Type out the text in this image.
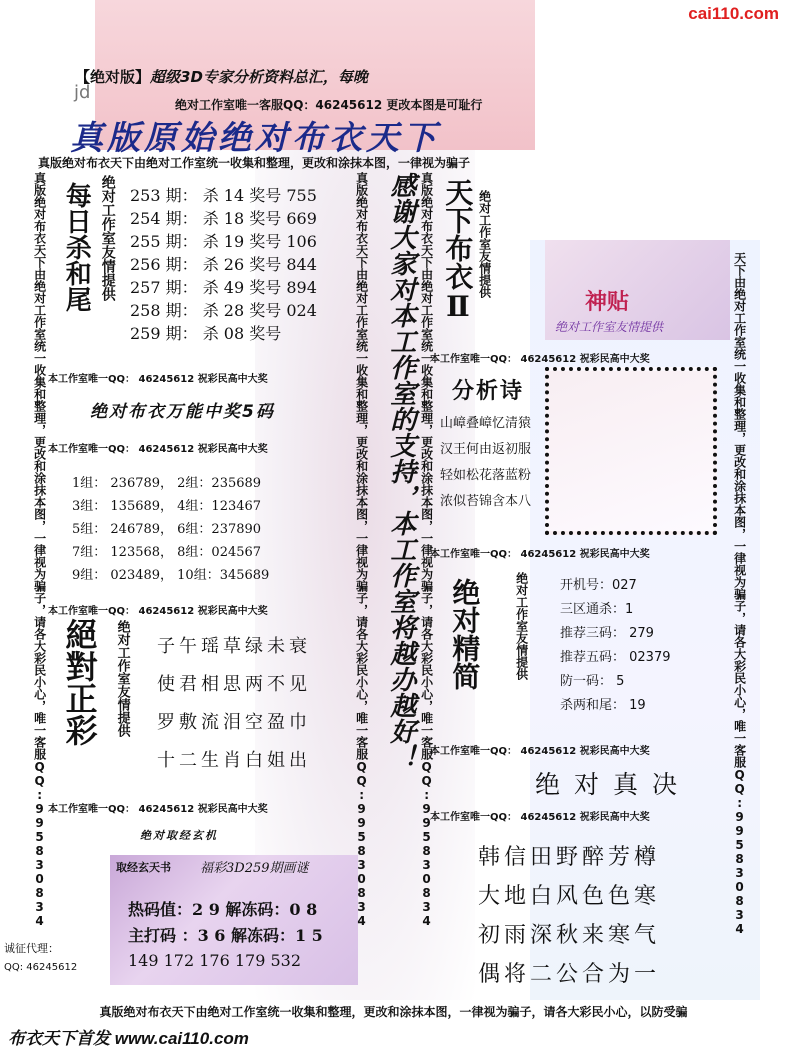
cai110.com
【绝对版】超级3D专家分析资料总汇，每晚
jd
绝对工作室唯一客服QQ：46245612 更改本图是可耻行
真版原始绝对布衣天下
真版绝对布衣天下由绝对工作室统一收集和整理，更改和涂抹本图，一律视为骗子
真版绝对布衣天下由绝对工作室统一收集和整理，更改和涂抹本图，一律视为骗子，请各大彩民小心，唯一客服QQ:9958308​34 每日杀和尾 绝对工作室友情提供 253 期： 杀 14 奖号 755
254 期： 杀 18 奖号 669
255 期： 杀 19 奖号 106
256 期： 杀 26 奖号 844
257 期： 杀 49 奖号 894
258 期： 杀 28 奖号 024
259 期： 杀 08 奖号
本工作室唯一QQ： 46245612 祝彩民高中大奖
绝对布衣万能中奖5码
本工作室唯一QQ： 46245612 祝彩民高中大奖
1组： 236789， 2组：235689
3组： 135689， 4组：123467
5组： 246789， 6组：237890
7组： 123568， 8组：024567
9组： 023489， 10组：345689
本工作室唯一QQ： 46245612 祝彩民高中大奖
絕對正彩 绝对工作室友情提供 子午瑶草绿未衰
使君相思两不见
罗敷流泪空盈巾
十二生肖白姐出
本工作室唯一QQ： 46245612 祝彩民高中大奖
绝对取经玄机
取经玄天书 福彩3D259期画谜
热码值：2 9 解冻码：0 8
主打码 ：3 6 解冻码：1 5
149 172 176 179 532
诚征代理：
QQ: 46245612
真版绝对布衣天下由绝对工作室统一收集和整理，更改和涂抹本图，一律视为骗子，请各大彩民小心，唯一客服QQ:995830834 感谢大家对本工作室的支持，本工作室将越办越好！ 真版绝对布衣天下由绝对工作室统一收集和整理，更改和涂抹本图，一律视为骗子，请各大彩民小心，唯一客服QQ:995830834 天下布衣Ⅱ 绝对工作室友情提供
神贴
绝对工作室友情提供
本工作室唯一QQ： 46245612 祝彩民高中大奖
分析诗
山嶂叠嶂忆清猿
汉王何由返初服
轻如松花落蓝粉
浓似苔锦含本八
本工作室唯一QQ： 46245612 祝彩民高中大奖
绝对精简	绝对工作室友情提供 开机号：027
三区通杀：1
推荐三码： 279
推荐五码： 02379
防一码： 5
杀两和尾： 19
本工作室唯一QQ： 46245612 祝彩民高中大奖
绝对真决
本工作室唯一QQ： 46245612 祝彩民高中大奖
韩信田野醉芳樽
大地白风色色寒
初雨深秋来寒气
偶将二公合为一
天下由绝对工作室统一收集和整理，更改和涂抹本图，一律视为骗子，请各大彩民小心，唯一客服QQ:995830834
真版绝对布衣天下由绝对工作室统一收集和整理，更改和涂抹本图，一律视为骗子，请各大彩民小心，以防受骗
布衣天下首发 www.cai110.com
